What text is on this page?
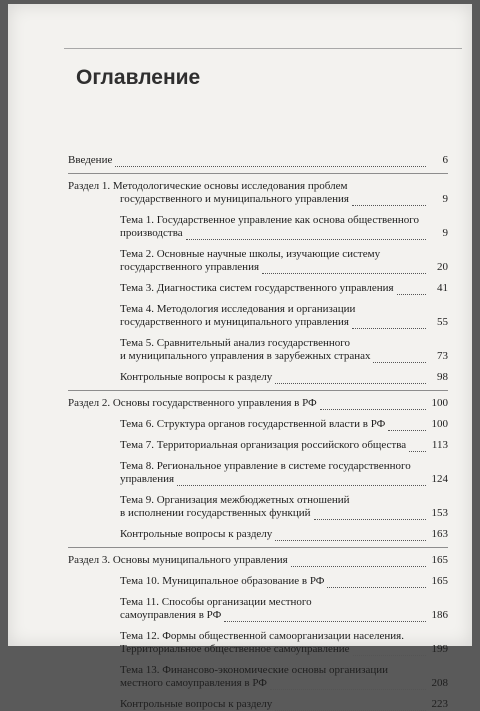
Оглавление
Введение	6
Раздел 1. Методологические основы исследования проблем
государственного и муниципального управления	9
Тема 1. Государственное управление как основа общественного
производства	9
Тема 2. Основные научные школы, изучающие систему
государственного управления	20
Тема 3. Диагностика систем государственного управления	41
Тема 4. Методология исследования и организации
государственного и муниципального управления	55
Тема 5. Сравнительный анализ государственного
и муниципального управления в зарубежных странах	73
Контрольные вопросы к разделу	98
Раздел 2. Основы государственного управления в РФ	100
Тема 6. Структура органов государственной власти в РФ	100
Тема 7. Территориальная организация российского общества	113
Тема 8. Региональное управление в системе государственного
управления	124
Тема 9. Организация межбюджетных отношений
в исполнении государственных функций	153
Контрольные вопросы к разделу	163
Раздел 3. Основы муниципального управления	165
Тема 10. Муниципальное образование в РФ	165
Тема 11. Способы организации местного
самоуправления в РФ	186
Тема 12. Формы общественной самоорганизации населения.
Территориальное общественное самоуправление	199
Тема 13. Финансово-экономические основы организации
местного самоуправления в РФ	208
Контрольные вопросы к разделу	223
